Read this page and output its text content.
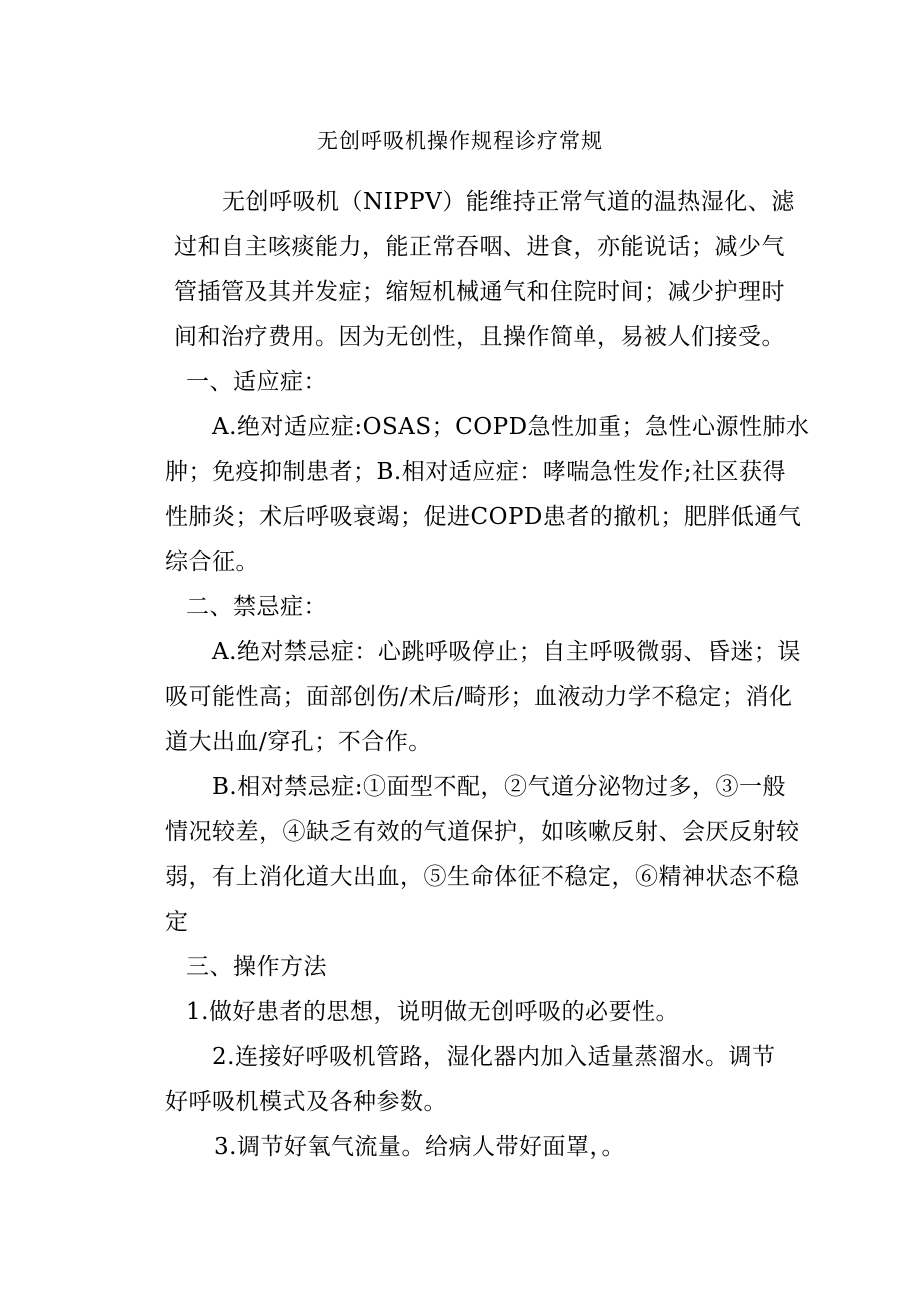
无创呼吸机操作规程诊疗常规
无创呼吸机（NIPPV）能维持正常气道的温热湿化、滤
过和自主咳痰能力，能正常吞咽、进食，亦能说话；减少气
管插管及其并发症；缩短机械通气和住院时间；减少护理时
间和治疗费用。因为无创性，且操作简单，易被人们接受。
一、适应症：
A.绝对适应症:OSAS；COPD急性加重；急性心源性肺水
肿；免疫抑制患者；B.相对适应症：哮喘急性发作;社区获得
性肺炎；术后呼吸衰竭；促进COPD患者的撤机；肥胖低通气
综合征。
二、禁忌症：
A.绝对禁忌症：心跳呼吸停止；自主呼吸微弱、昏迷；误
吸可能性高；面部创伤/术后/畸形；血液动力学不稳定；消化
道大出血/穿孔；不合作。
B.相对禁忌症:①面型不配，②气道分泌物过多，③一般
情况较差，④缺乏有效的气道保护，如咳嗽反射、会厌反射较
弱，有上消化道大出血，⑤生命体征不稳定，⑥精神状态不稳
定
三、操作方法
1.做好患者的思想，说明做无创呼吸的必要性。
2.连接好呼吸机管路，湿化器内加入适量蒸溜水。调节
好呼吸机模式及各种参数。
3.调节好氧气流量。给病人带好面罩，。
